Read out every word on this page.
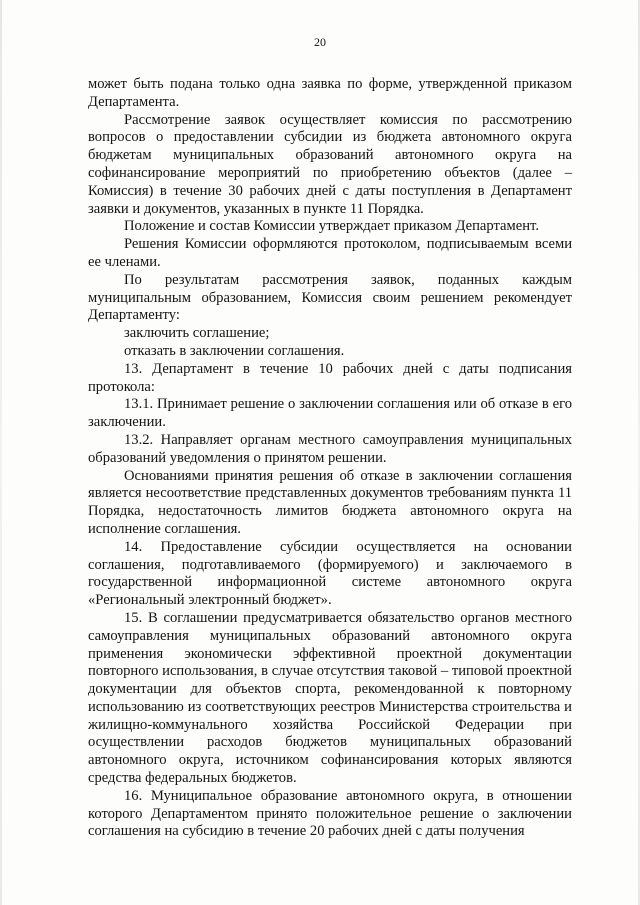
20

может быть подана только одна заявка по форме, утвержденной приказом Департамента.

Рассмотрение заявок осуществляет комиссия по рассмотрению вопросов о предоставлении субсидии из бюджета автономного округа бюджетам муниципальных образований автономного округа на софинансирование мероприятий по приобретению объектов (далее – Комиссия) в течение 30 рабочих дней с даты поступления в Департамент заявки и документов, указанных в пункте 11 Порядка.

Положение и состав Комиссии утверждает приказом Департамент.

Решения Комиссии оформляются протоколом, подписываемым всеми ее членами.

По результатам рассмотрения заявок, поданных каждым муниципальным образованием, Комиссия своим решением рекомендует Департаменту:

заключить соглашение;

отказать в заключении соглашения.

13. Департамент в течение 10 рабочих дней с даты подписания протокола:

13.1. Принимает решение о заключении соглашения или об отказе в его заключении.

13.2. Направляет органам местного самоуправления муниципальных образований уведомления о принятом решении.

Основаниями принятия решения об отказе в заключении соглашения является несоответствие представленных документов требованиям пункта 11 Порядка, недостаточность лимитов бюджета автономного округа на исполнение соглашения.

14. Предоставление субсидии осуществляется на основании соглашения, подготавливаемого (формируемого) и заключаемого в государственной информационной системе автономного округа «Региональный электронный бюджет».

15. В соглашении предусматривается обязательство органов местного самоуправления муниципальных образований автономного округа применения экономически эффективной проектной документации повторного использования, в случае отсутствия таковой – типовой проектной документации для объектов спорта, рекомендованной к повторному использованию из соответствующих реестров Министерства строительства и жилищно-коммунального хозяйства Российской Федерации при осуществлении расходов бюджетов муниципальных образований автономного округа, источником софинансирования которых являются средства федеральных бюджетов.

16. Муниципальное образование автономного округа, в отношении которого Департаментом принято положительное решение о заключении соглашения на субсидию в течение 20 рабочих дней с даты получения
